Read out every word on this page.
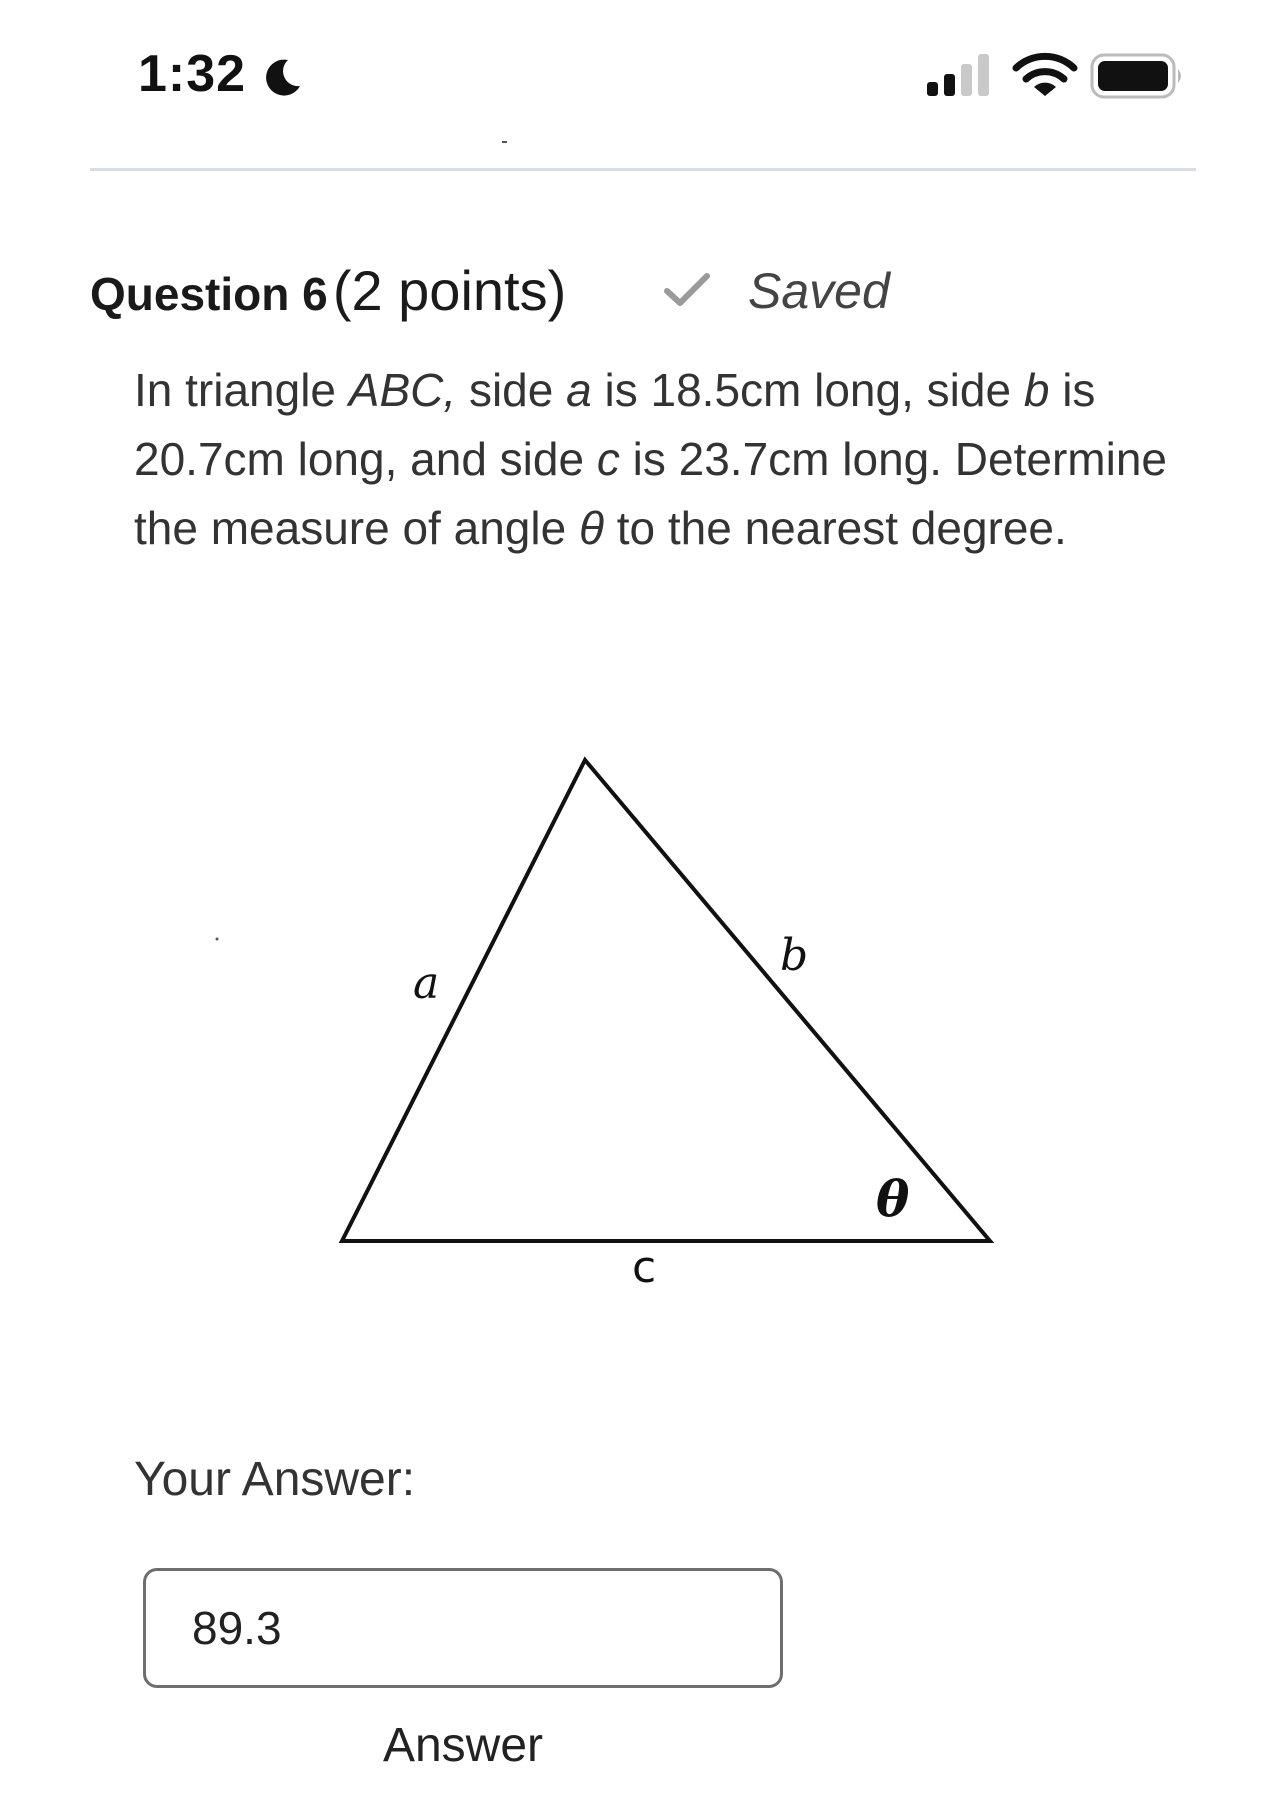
1:32
Question 6 (2 points)	Saved
In triangle ABC, side a is 18.5cm long, side b is 20.7cm long, and side c is 23.7cm long. Determine the measure of angle θ to the nearest degree.
a
b
c
θ
Your Answer:
89.3
Answer
